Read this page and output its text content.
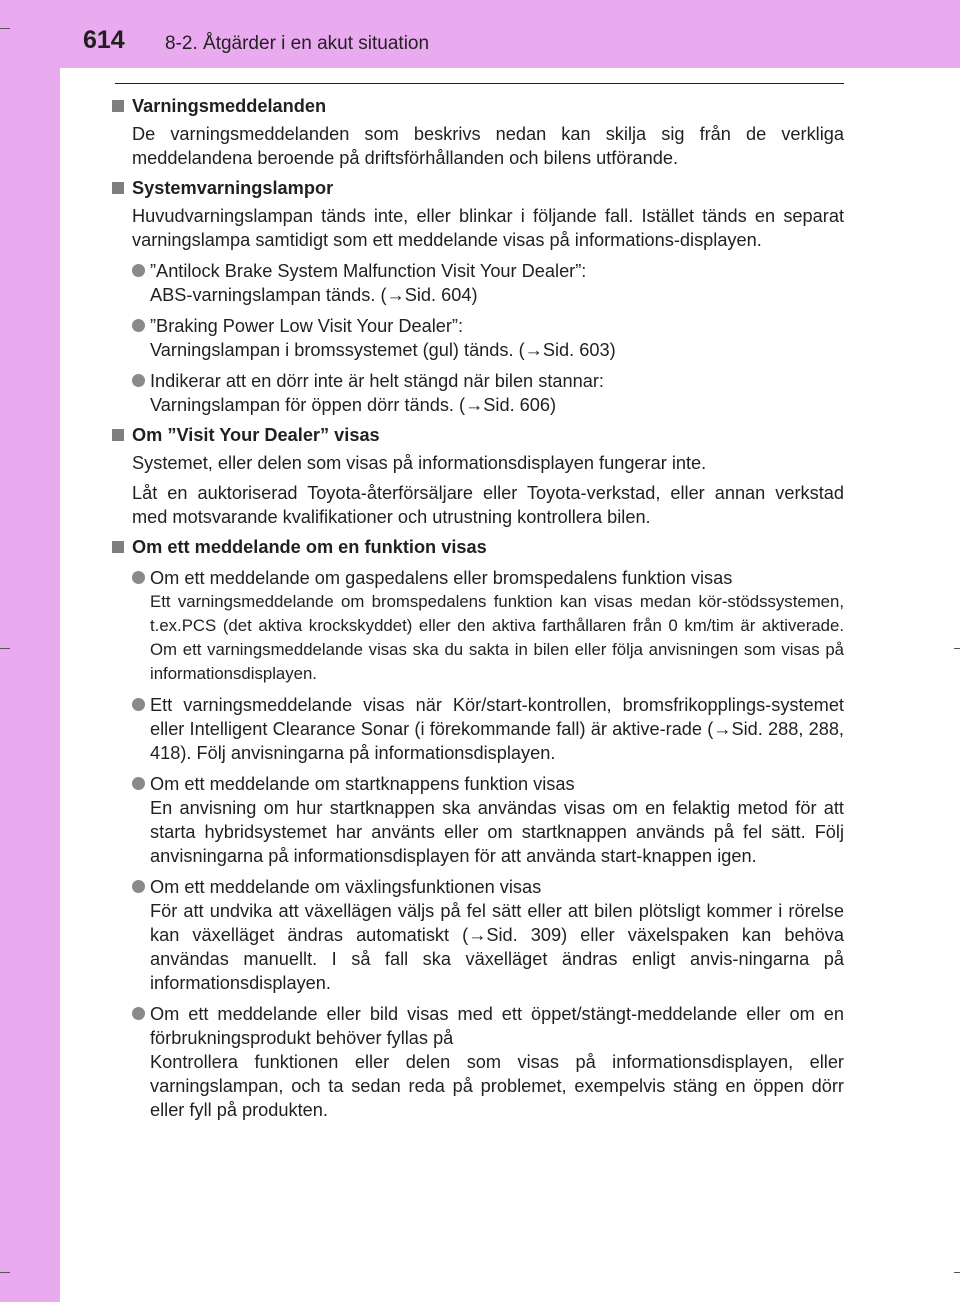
614 8-2. Åtgärder i en akut situation
Varningsmeddelanden
De varningsmeddelanden som beskrivs nedan kan skilja sig från de verkliga meddelandena beroende på driftsförhållanden och bilens utförande.
Systemvarningslampor
Huvudvarningslampan tänds inte, eller blinkar i följande fall. Istället tänds en separat varningslampa samtidigt som ett meddelande visas på informations-displayen.
”Antilock Brake System Malfunction Visit Your Dealer”:
ABS-varningslampan tänds. (→Sid. 604)
”Braking Power Low Visit Your Dealer”:
Varningslampan i bromssystemet (gul) tänds. (→Sid. 603)
Indikerar att en dörr inte är helt stängd när bilen stannar:
Varningslampan för öppen dörr tänds. (→Sid. 606)
Om ”Visit Your Dealer” visas
Systemet, eller delen som visas på informationsdisplayen fungerar inte.
Låt en auktoriserad Toyota-återförsäljare eller Toyota-verkstad, eller annan verkstad med motsvarande kvalifikationer och utrustning kontrollera bilen.
Om ett meddelande om en funktion visas
Om ett meddelande om gaspedalens eller bromspedalens funktion visas
Ett varningsmeddelande om bromspedalens funktion kan visas medan kör-stödssystemen, t.ex.PCS (det aktiva krockskyddet) eller den aktiva farthållaren från 0 km/tim är aktiverade. Om ett varningsmeddelande visas ska du sakta in bilen eller följa anvisningen som visas på informationsdisplayen.
Ett varningsmeddelande visas när Kör/start-kontrollen, bromsfrikopplings-systemet eller Intelligent Clearance Sonar (i förekommande fall) är aktive-rade (→Sid. 288, 288, 418). Följ anvisningarna på informationsdisplayen.
Om ett meddelande om startknappens funktion visas
En anvisning om hur startknappen ska användas visas om en felaktig metod för att starta hybridsystemet har använts eller om startknappen används på fel sätt. Följ anvisningarna på informationsdisplayen för att använda start-knappen igen.
Om ett meddelande om växlingsfunktionen visas
För att undvika att växellägen väljs på fel sätt eller att bilen plötsligt kommer i rörelse kan växelläget ändras automatiskt (→Sid. 309) eller växelspaken kan behöva användas manuellt. I så fall ska växelläget ändras enligt anvis-ningarna på informationsdisplayen.
Om ett meddelande eller bild visas med ett öppet/stängt-meddelande eller om en förbrukningsprodukt behöver fyllas på
Kontrollera funktionen eller delen som visas på informationsdisplayen, eller varningslampan, och ta sedan reda på problemet, exempelvis stäng en öppen dörr eller fyll på produkten.
